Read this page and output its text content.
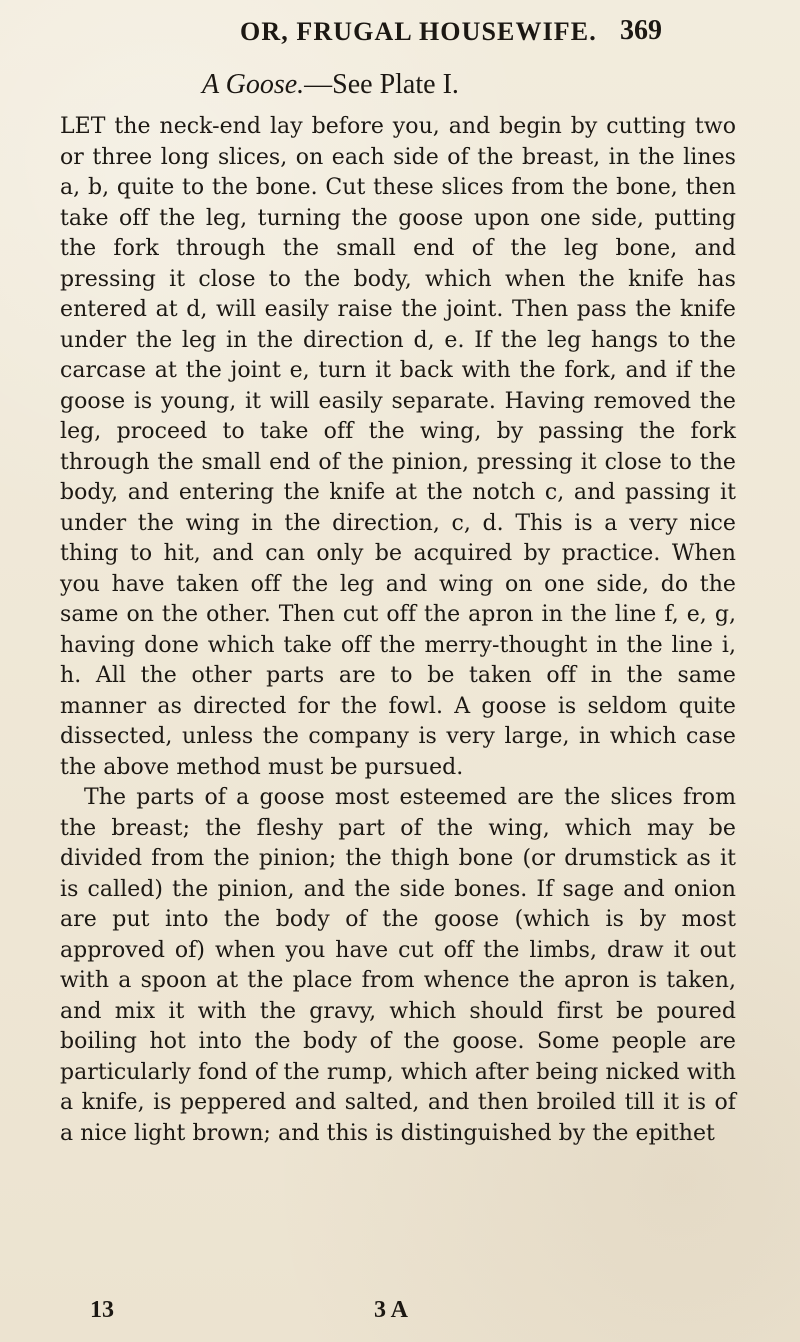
OR, FRUGAL HOUSEWIFE. 369

A Goose.—See Plate I.

LET the neck-end lay before you, and begin by cutting two or three long slices, on each side of the breast, in the lines a, b, quite to the bone. Cut these slices from the bone, then take off the leg, turning the goose upon one side, putting the fork through the small end of the leg bone, and pressing it close to the body, which when the knife has entered at d, will easily raise the joint. Then pass the knife under the leg in the direction d, e. If the leg hangs to the carcase at the joint e, turn it back with the fork, and if the goose is young, it will easily separate. Having removed the leg, proceed to take off the wing, by passing the fork through the small end of the pinion, pressing it close to the body, and entering the knife at the notch c, and passing it under the wing in the direction, c, d. This is a very nice thing to hit, and can only be acquired by practice. When you have taken off the leg and wing on one side, do the same on the other. Then cut off the apron in the line f, e, g, having done which take off the merry-thought in the line i, h. All the other parts are to be taken off in the same manner as directed for the fowl. A goose is seldom quite dissected, unless the company is very large, in which case the above method must be pursued.

The parts of a goose most esteemed are the slices from the breast; the fleshy part of the wing, which may be divided from the pinion; the thigh bone (or drumstick as it is called) the pinion, and the side bones. If sage and onion are put into the body of the goose (which is by most approved of) when you have cut off the limbs, draw it out with a spoon at the place from whence the apron is taken, and mix it with the gravy, which should first be poured boiling hot into the body of the goose. Some people are particularly fond of the rump, which after being nicked with a knife, is peppered and salted, and then broiled till it is of a nice light brown; and this is distinguished by the epithet

13	3 A
